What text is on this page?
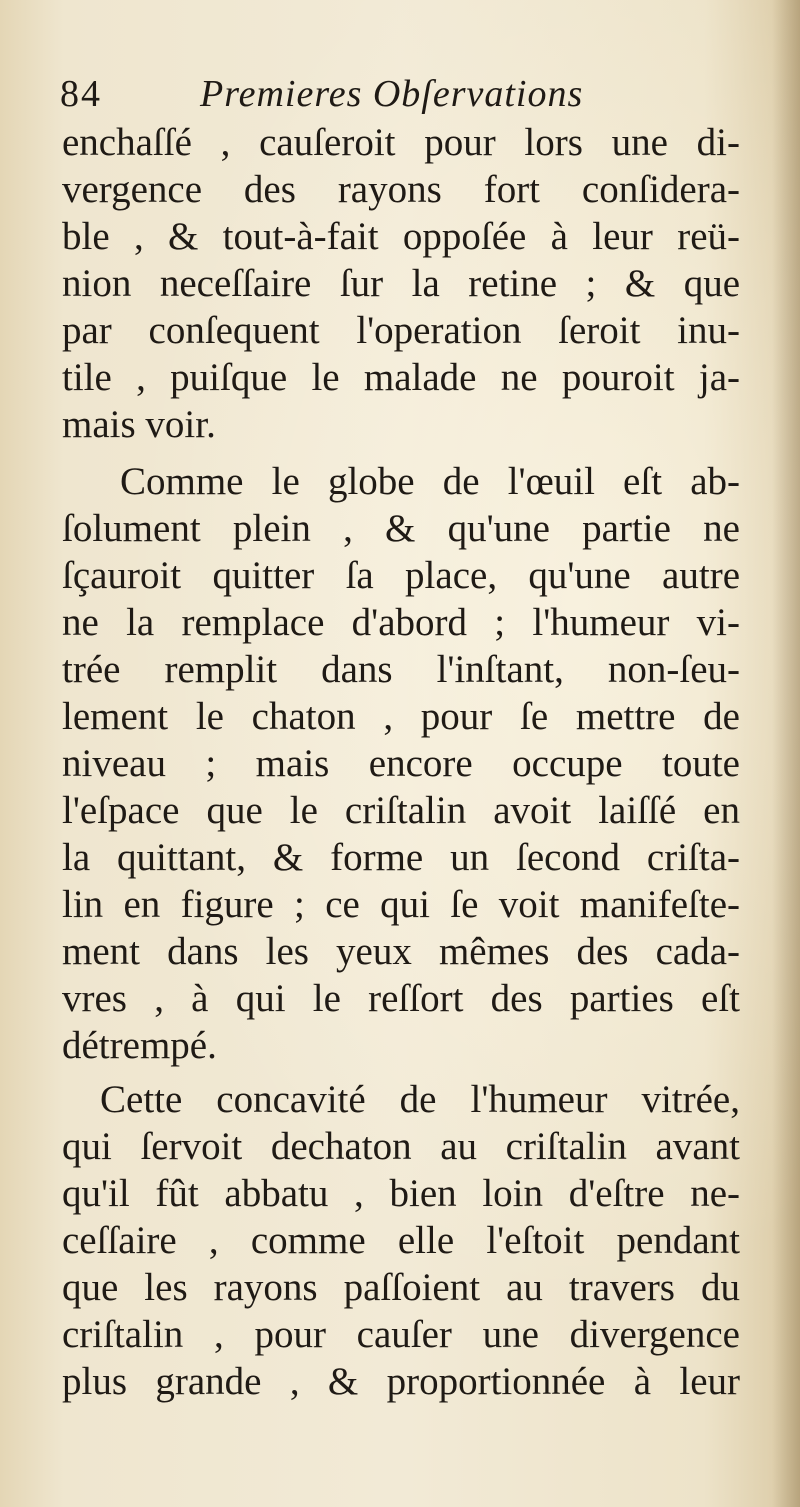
84	Premieres Obſervations
enchaſſé , cauſeroit pour lors une di-
vergence des rayons fort conſidera-
ble , & tout-à-fait oppoſée à leur reü-
nion neceſſaire ſur la retine ; & que
par conſequent l'operation ſeroit inu-
tile , puiſque le malade ne pouroit ja-
mais voir.
Comme le globe de l'œuil eſt ab-
ſolument plein , & qu'une partie ne
ſçauroit quitter ſa place, qu'une autre
ne la remplace d'abord ; l'humeur vi-
trée remplit dans l'inſtant, non-ſeu-
lement le chaton , pour ſe mettre de
niveau ; mais encore occupe toute
l'eſpace que le criſtalin avoit laiſſé en
la quittant, & forme un ſecond criſta-
lin en figure ; ce qui ſe voit manifeſte-
ment dans les yeux mêmes des cada-
vres , à qui le reſſort des parties eſt
détrempé.
Cette concavité de l'humeur vitrée,
qui ſervoit dechaton au criſtalin avant
qu'il fût abbatu , bien loin d'eſtre ne-
ceſſaire , comme elle l'eſtoit pendant
que les rayons paſſoient au travers du
criſtalin , pour cauſer une divergence
plus grande , & proportionnée à leur
